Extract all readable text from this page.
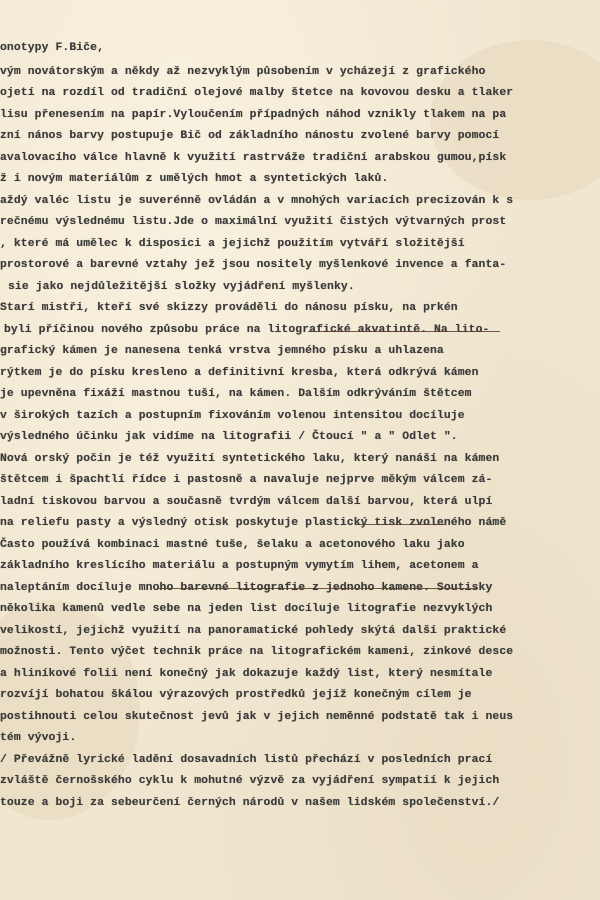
onotypy F.Biče,
vým novátorským a někdy až nezvyklým působením v ycházejí z grafického
ojetí na rozdíl od tradiční olejové malby štetce na kovovou desku a tlaker
lisu přenesením na papír.Vyloučením případných náhod vznikly tlakem na pa
zní nános barvy postupuje Bič od základního nánostu zvolené barvy pomocí
avalovacího válce hlavně k využití rastrváže tradiční arabskou gumou,písk
ž i novým materiálům z umělých hmot a syntetických laků.
aždý valéc listu je suverénně ovládán a v mnohých variacích precizován k s
rečnému výslednému listu.Jde o maximální využití čistých výtvarných prost
, které má umělec k disposici a jejichž použitím vytváří složitější
prostorové a barevné vztahy jež jsou nositely myšlenkové invence a fanta-
sie jako nejdůležitější složky vyjádření myšlenky.
Starí mistři, kteří své skizzy prováděli do nánosu písku, na prkén
byli příčinou nového způsobu práce na litografické akvatintě. Na lito-
grafický kámen je nanesena tenká vrstva jemného písku a uhlazena
rýtkem je do písku kresleno a definitivní kresba, která odkrývá kámen
je upevněna fixáží mastnou tuší, na kámen. Dalším odkrýváním štětcem
v širokých tazích a postupním fixováním volenou intensitou docíluje
výsledného účinku jak vidíme na litografii / Čtoucí " a " Odlet ".
Nová orský počin je též využití syntetického laku, který nanáší na kámen
štětcem i špachtlí řídce i pastosně a navaluje nejprve měkým válcem zá-
ladní tiskovou barvou a současně tvrdým válcem další barvou, která ulpí
na reliefu pasty a výsledný otisk poskytuje plastický tisk zvoleného námě
Často používá kombinaci mastné tuše, šelaku a acetonového laku jako
základního kreslícího materiálu a postupným vymytím lihem, acetonem a
naleptáním docíluje mnoho barevné litografie z jednoho kamene. Soutisky
několika kamenů vedle sebe na jeden list docíluje litografie nezvyklých
velikostí, jejichž využití na panoramatické pohledy skýtá další praktické
možnosti. Tento výčet technik práce na litografickém kameni, zinkové desce
a hliníkové folii není konečný jak dokazuje každý list, který nesmítale
rozvíjí bohatou škálou výrazových prostředků jejíž konečným cílem je
postihnouti celou skutečnost jevů jak v jejich neměnné podstatě tak i neus
tém vývoji.
/ Převážně lyrické ladění dosavadních listů přechází v posledních prací
zvláště černošského cyklu k mohutné výzvě za vyjádření sympatií k jejich
touze a boji za sebeurčení černých národů v našem lidském společenství./
